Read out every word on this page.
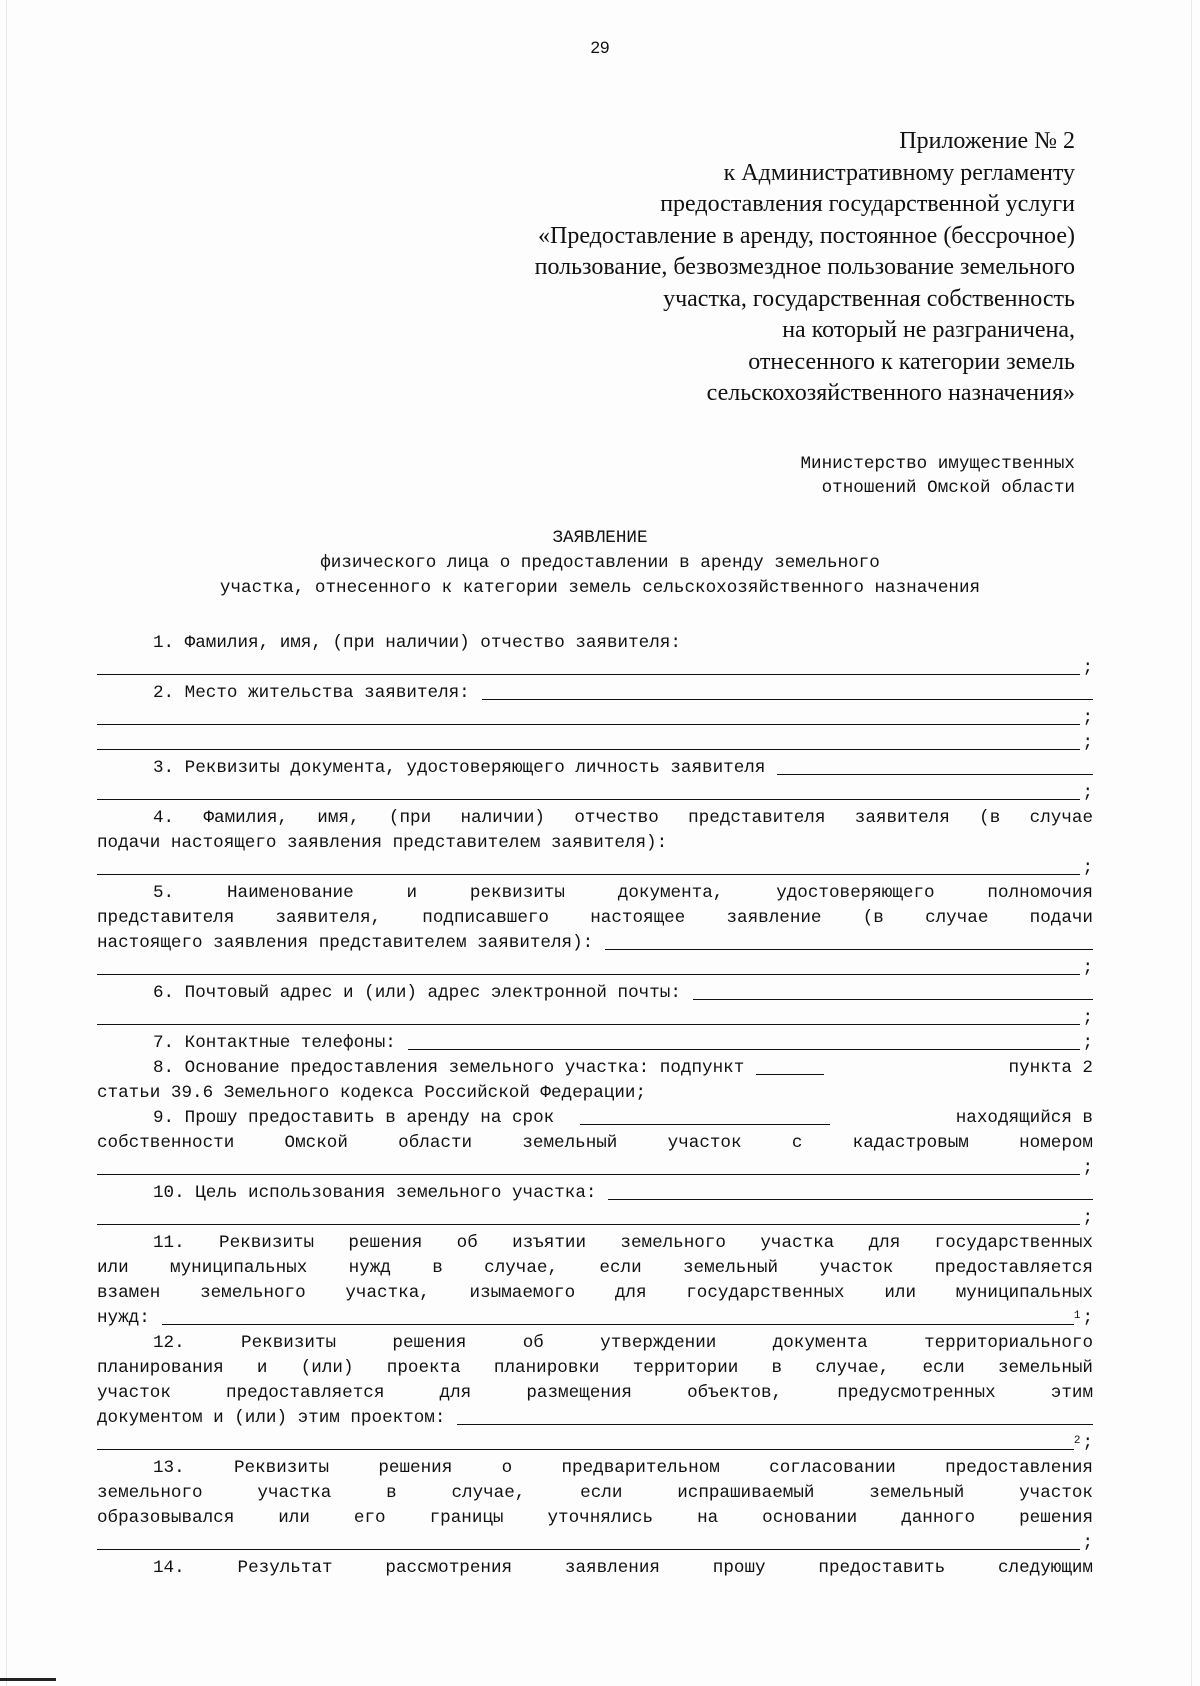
29
Приложение № 2
к Административному регламенту
предоставления государственной услуги
«Предоставление в аренду, постоянное (бессрочное)
пользование, безвозмездное пользование земельного
участка, государственная собственность
на который не разграничена,
отнесенного к категории земель
сельскохозяйственного назначения»
Министерство имущественных
отношений Омской области
ЗАЯВЛЕНИЕ
физического лица о предоставлении в аренду земельного
участка, отнесенного к категории земель сельскохозяйственного назначения
1. Фамилия, имя, (при наличии) отчество заявителя:
;
2. Место жительства заявителя:
;
;
3. Реквизиты документа, удостоверяющего личность заявителя
;
4. Фамилия, имя, (при наличии) отчество представителя заявителя (в случае
подачи настоящего заявления представителем заявителя):
;
5. Наименование и реквизиты документа, удостоверяющего полномочия
представителя заявителя, подписавшего настоящее заявление (в случае подачи
настоящего заявления представителем заявителя):
;
6. Почтовый адрес и (или) адрес электронной почты:
;
7. Контактные телефоны:	;
8. Основание предоставления земельного участка: подпункт	пункта 2
статьи 39.6 Земельного кодекса Российской Федерации;
9. Прошу предоставить в аренду на срок	находящийся в
собственности Омской области земельный участок с кадастровым номером
;
10. Цель использования земельного участка:
;
11. Реквизиты решения об изъятии земельного участка для государственных
или муниципальных нужд в случае, если земельный участок предоставляется
взамен земельного участка, изымаемого для государственных или муниципальных
нужд:	1 ;
12. Реквизиты решения об утверждении документа территориального
планирования и (или) проекта планировки территории в случае, если земельный
участок предоставляется для размещения объектов, предусмотренных этим
документом и (или) этим проектом:
2 ;
13. Реквизиты решения о предварительном согласовании предоставления
земельного участка в случае, если испрашиваемый земельный участок
образовывался или его границы уточнялись на основании данного решения
;
14. Результат рассмотрения заявления прошу предоставить следующим
